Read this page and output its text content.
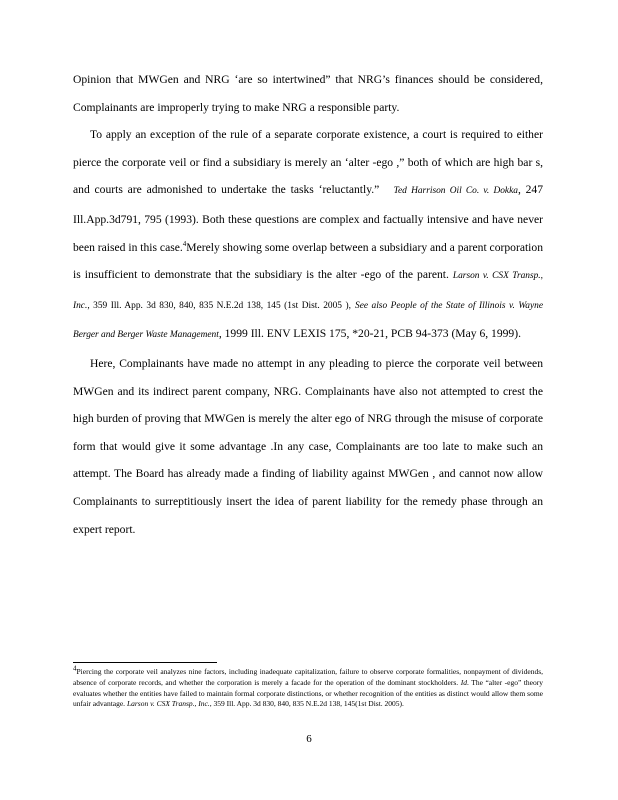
Opinion that MWGen and NRG ‘are so intertwined” that NRG’s finances should be considered, Complainants are improperly trying to make NRG a responsible party.

To apply an exception of the rule of a separate corporate existence, a court is required to either pierce the corporate veil or find a subsidiary is merely an ‘alter -ego ,” both of which are high bar s, and courts are admonished to undertake the tasks ‘reluctantly.” Ted Harrison Oil Co. v. Dokka, 247 Ill.App.3d791, 795 (1993). Both these questions are complex and factually intensive and have never been raised in this case.$^4$Merely showing some overlap between a subsidiary and a parent corporation is insufficient to demonstrate that the subsidiary is the alter -ego of the parent. Larson v. CSX Transp., Inc., 359 Ill. App. 3d 830, 840, 835 N.E.2d 138, 145 (1st Dist. 2005 ), See also People of the State of Illinois v. Wayne Berger and Berger Waste Management, 1999 Ill. ENV LEXIS 175, *20-21, PCB 94-373 (May 6, 1999).

Here, Complainants have made no attempt in any pleading to pierce the corporate veil between MWGen and its indirect parent company, NRG. Complainants have also not attempted to crest the high burden of proving that MWGen is merely the alter ego of NRG through the misuse of corporate form that would give it some advantage .In any case, Complainants are too late to make such an attempt. The Board has already made a finding of liability against MWGen , and cannot now allow Complainants to surreptitiously insert the idea of parent liability for the remedy phase through an expert report.

$^4$Piercing the corporate veil analyzes nine factors, including inadequate capitalization, failure to observe corporate formalities, nonpayment of dividends, absence of corporate records, and whether the corporation is merely a facade for the operation of the dominant stockholders. Id. The “alter -ego” theory evaluates whether the entities have failed to maintain formal corporate distinctions, or whether recognition of the entities as distinct would allow them some unfair advantage. Larson v. CSX Transp., Inc., 359 Ill. App. 3d 830, 840, 835 N.E.2d 138, 145(1st Dist. 2005).

6
